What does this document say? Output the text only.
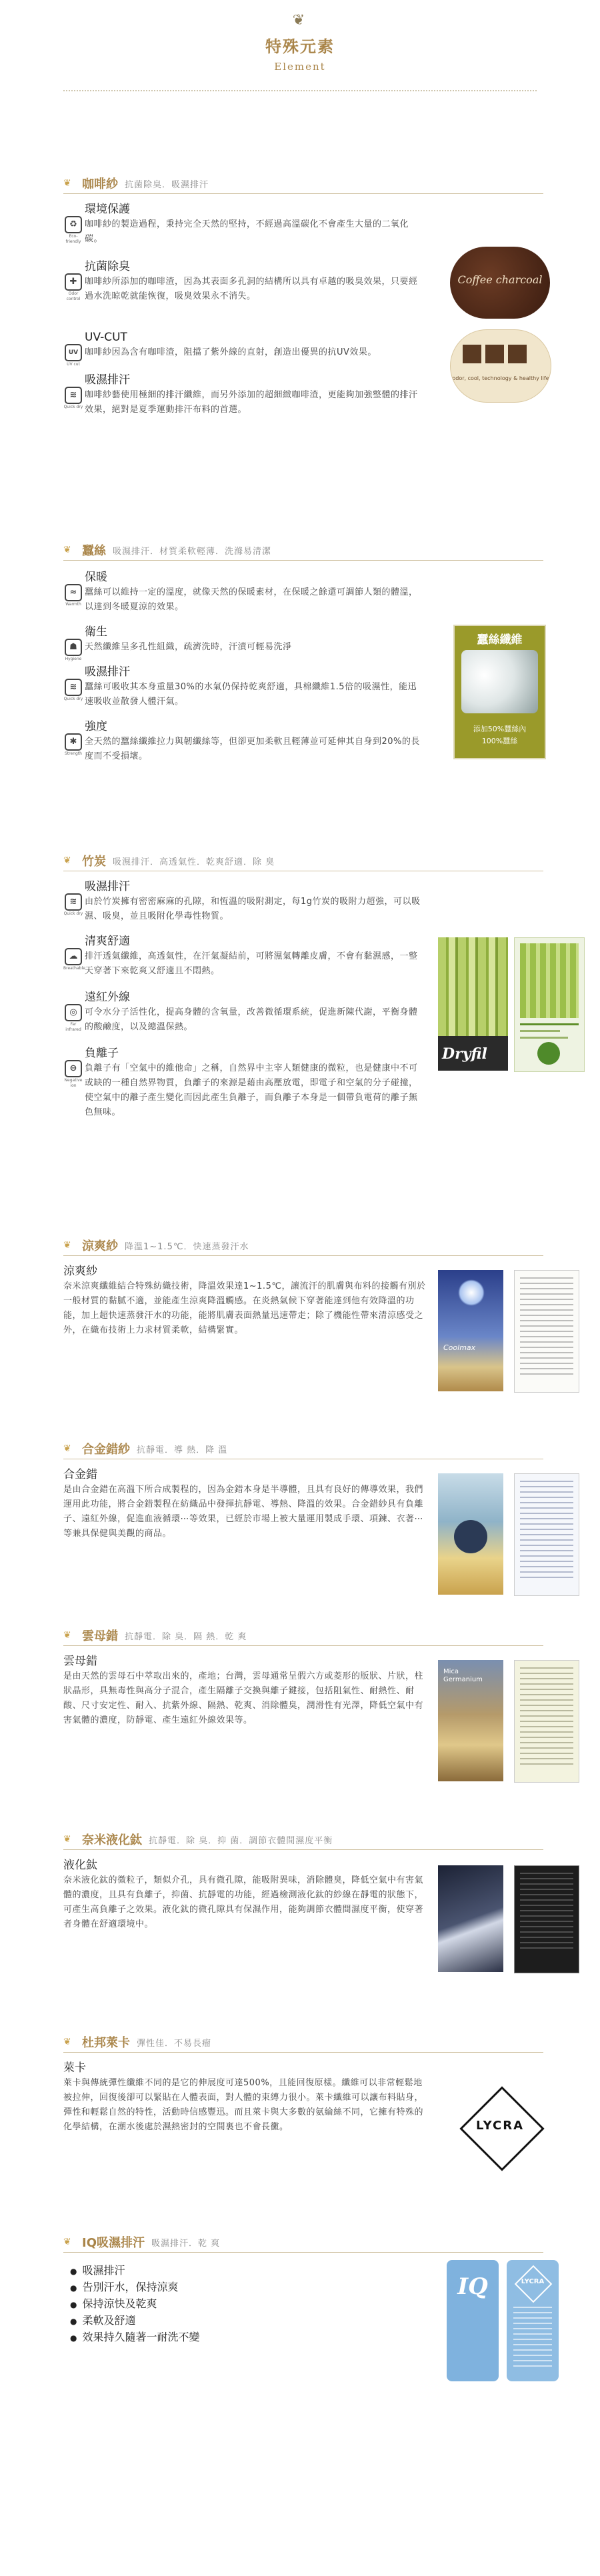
❦
特殊元素
Element
❦ 咖啡紗 抗菌除臭．吸濕排汗
♻
Eco-friendly
環境保護
咖啡紗的製造過程，秉持完全天然的堅持，不經過高溫碳化不會產生大量的二氧化碳。
✚
Odor control
抗菌除臭
咖啡紗所添加的咖啡渣，因為其表面多孔洞的結構所以具有卓越的吸臭效果，只要經過水洗晾乾就能恢復，吸臭效果永不消失。
UV
UV cut
UV-CUT
咖啡紗因為含有咖啡渣，阻擋了紫外線的直射，創造出優異的抗UV效果。
≋
Quick dry
吸濕排汗
咖啡紗藝使用極細的排汗纖維，而另外添加的超細緻咖啡渣，更能夠加強整體的排汗效果，絕對是夏季運動排汗布料的首選。
Coffee charcoal
odor, cool, technology & healthy life
❦ 蠶絲 吸濕排汗．材質柔軟輕薄．洗滌易清潔
≈
Warmth
保暖
蠶絲可以維持一定的溫度，就像天然的保暖素材，在保暖之餘還可調節人類的體溫，以達到冬暖夏涼的效果。
☗
Hygiene
衛生
天然纖維呈多孔性組織，疏濟洗時，汗漬可輕易洗淨
≋
Quick dry
吸濕排汗
蠶絲可吸收其本身重量30%的水氣仍保持乾爽舒適，具棉纖維1.5倍的吸濕性，能迅速吸收並散發人體汗氣。
✱
Strength
強度
全天然的蠶絲纖維拉力與韌纖絲等，但卻更加柔軟且輕薄並可延伸其自身到20%的長度而不受損壞。
蠶絲纖維
添加50%蠶絲內
100%蠶絲
❦ 竹炭 吸濕排汗．高透氣性．乾爽舒適．除 臭
≋
Quick dry
吸濕排汗
由於竹炭擁有密密麻麻的孔隙，和恆溫的吸附測定，每1g竹炭的吸附力超強，可以吸濕、吸臭，並且吸附化學毒性物質。
☁
Breathable
清爽舒適
排汗透氣纖維，高透氣性，在汗氣凝結前，可將濕氣轉離皮膚，不會有黏濕感，一整天穿著下來乾爽又舒適且不悶熱。
◎
Far infrared
遠紅外線
可令水分子活性化，提高身體的含氧量，改善微循環系統，促進新陳代謝，平衡身體的酸鹼度，以及總溫保熱。
⊖
Negative ion
負離子
負離子有「空氣中的維他命」之稱，自然界中主宰人類健康的微粒，也是健康中不可或缺的一種自然界物質，負離子的來源是藉由高壓放電，即電子和空氣的分子碰撞，使空氣中的離子產生變化而因此產生負離子，而負離子本身是一個帶負電荷的離子無色無味。
Dryfil
❦ 涼爽紗 降溫1~1.5℃．快速蒸發汗水
涼爽紗
奈米涼爽纖維結合特殊紡織技術，降溫效果達1~1.5℃，讓流汗的肌膚與布料的接觸有別於一般材質的黏膩不適，並能產生涼爽降溫觸感。在炎熱氣候下穿著能達到他有效降溫的功能，加上超快速蒸發汗水的功能，能將肌膚表面熱量迅速帶走；除了機能性帶來清涼感受之外，在織布技術上力求材質柔軟，結構緊實。
Coolmax
❦ 合金錯紗 抗靜電．導 熱．降 溫
合金錯
是由合金錯在高溫下所合成製程的，因為金錯本身是半導體，且具有良好的傳導效果，我們運用此功能，將合金錯製程在紡織品中發揮抗靜電、導熱、降溫的效果。合金錯紗具有負離子、遠紅外線，促進血液循環⋯等效果，已經於市場上被大量運用製成手環、項鍊、衣著⋯等兼具保健與美觀的商品。
❦ 雲母錯 抗靜電．除 臭．隔 熱．乾 爽
雲母錯
是由天然的雲母石中萃取出來的，產地；台灣，雲母通常呈假六方或菱形的版狀、片狀，柱狀晶形，具無毒性與高分子混合，產生隔離子交換與離子鍵接，包括阻氣性、耐熱性、耐酸、尺寸安定性、耐入、抗紫外線、隔熱、乾爽、消除體臭，潤滑性有光澤，降低空氣中有害氣體的濃度，防靜電、產生遠紅外線效果等。
Mica Germanium
❦ 奈米液化鈦 抗靜電．除 臭．抑 菌．調節衣體間濕度平衡
液化鈦
奈米液化鈦的微粒子，類似介孔，具有微孔隙，能吸附異味，消除體臭，降低空氣中有害氣體的濃度，且具有負離子，抑菌、抗靜電的功能，經過檢測液化鈦的紗線在靜電的狀態下，可產生高負離子之效果。液化鈦的微孔隙具有保濕作用，能夠調節衣體間濕度平衡，使穿著者身體在舒適環境中。
❦ 杜邦萊卡 彈性佳．不易長瘤
萊卡
萊卡與傳統彈性纖維不同的是它的伸展度可達500%，且能回復原樣。纖維可以非常輕鬆地被拉伸，回復後卻可以緊貼在人體表面，對人體的束縛力很小。萊卡纖維可以讓布料貼身，彈性和輕鬆自然的特性，活動時信感豐迅。而且萊卡與大多數的氨綸絲不同，它擁有特殊的化學結構，在潮水後處於濕熱密封的空間裏也不會長黴。	LYCRA
❦ IQ吸濕排汗 吸濕排汗．乾 爽
● 吸濕排汗
● 告別汗水，保持涼爽
● 保持涼快及乾爽
● 柔軟及舒適
● 效果持久隨著一耐洗不變
IQ	LYCRA
